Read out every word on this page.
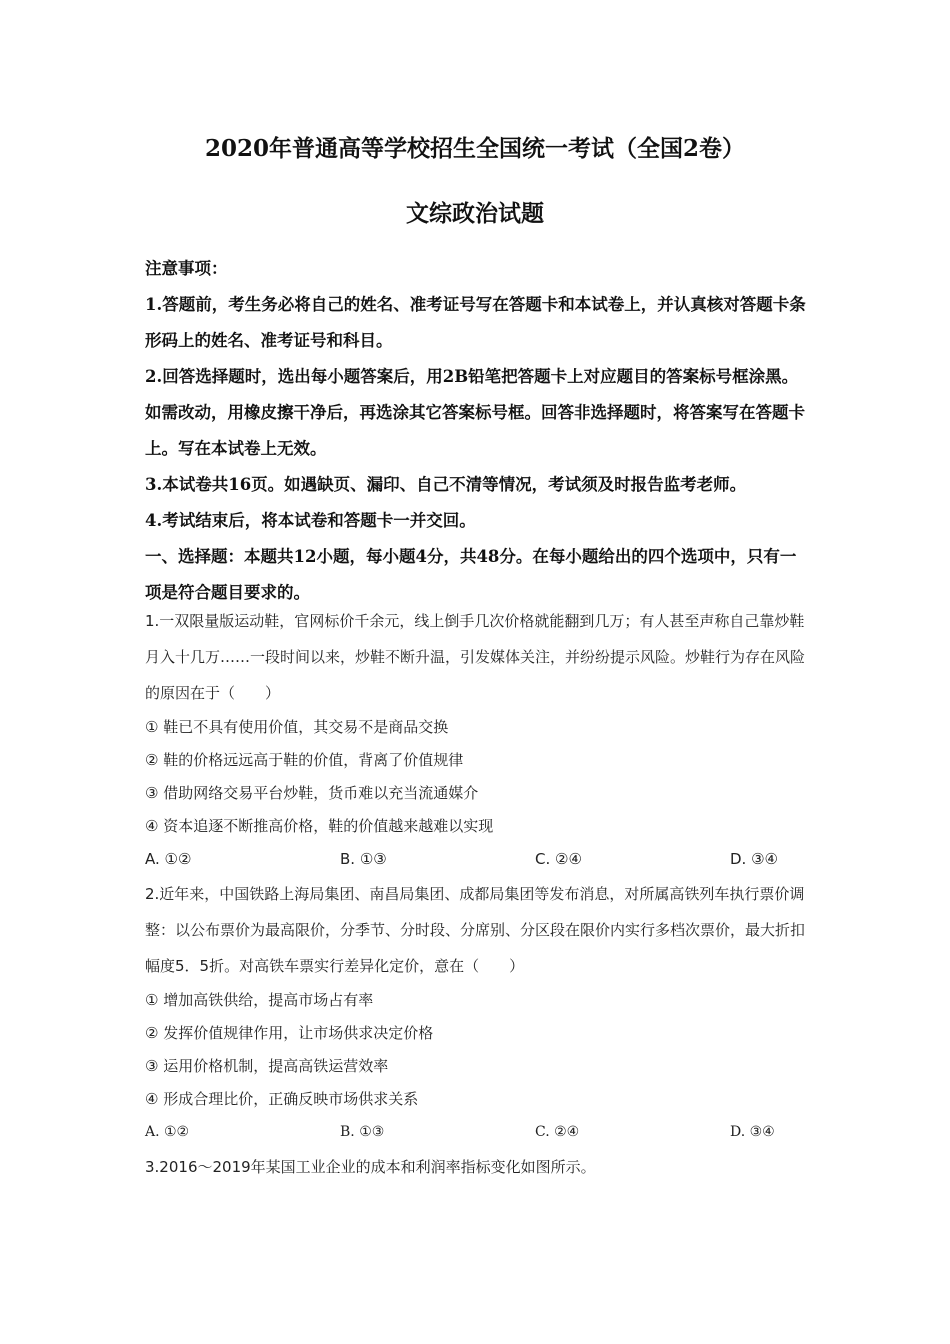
2020年普通高等学校招生全国统一考试（全国2卷）
文综政治试题

注意事项：

1.答题前，考生务必将自己的姓名、准考证号写在答题卡和本试卷上，并认真核对答题卡条形码上的姓名、准考证号和科目。

2.回答选择题时，选出每小题答案后，用2B铅笔把答题卡上对应题目的答案标号框涂黑。如需改动，用橡皮擦干净后，再选涂其它答案标号框。回答非选择题时，将答案写在答题卡上。写在本试卷上无效。

3.本试卷共16页。如遇缺页、漏印、自己不清等情况，考试须及时报告监考老师。

4.考试结束后，将本试卷和答题卡一并交回。

一、选择题：本题共12小题，每小题4分，共48分。在每小题给出的四个选项中，只有一项是符合题目要求的。

1.一双限量版运动鞋，官网标价千余元，线上倒手几次价格就能翻到几万；有人甚至声称自己靠炒鞋月入十几万……一段时间以来，炒鞋不断升温，引发媒体关注，并纷纷提示风险。炒鞋行为存在风险的原因在于（　　）

① 鞋已不具有使用价值，其交易不是商品交换

② 鞋的价格远远高于鞋的价值，背离了价值规律

③ 借助网络交易平台炒鞋，货币难以充当流通媒介

④ 资本追逐不断推高价格，鞋的价值越来越难以实现

A. ①②	B. ①③	C. ②④	D. ③④

2.近年来，中国铁路上海局集团、南昌局集团、成都局集团等发布消息，对所属高铁列车执行票价调整：以公布票价为最高限价，分季节、分时段、分席别、分区段在限价内实行多档次票价，最大折扣幅度5．5折。对高铁车票实行差异化定价，意在（　　）

① 增加高铁供给，提高市场占有率

② 发挥价值规律作用，让市场供求决定价格

③ 运用价格机制，提高高铁运营效率

④ 形成合理比价，正确反映市场供求关系

A. ①②	B. ①③	C. ②④	D. ③④

3.2016～2019年某国工业企业的成本和利润率指标变化如图所示。
